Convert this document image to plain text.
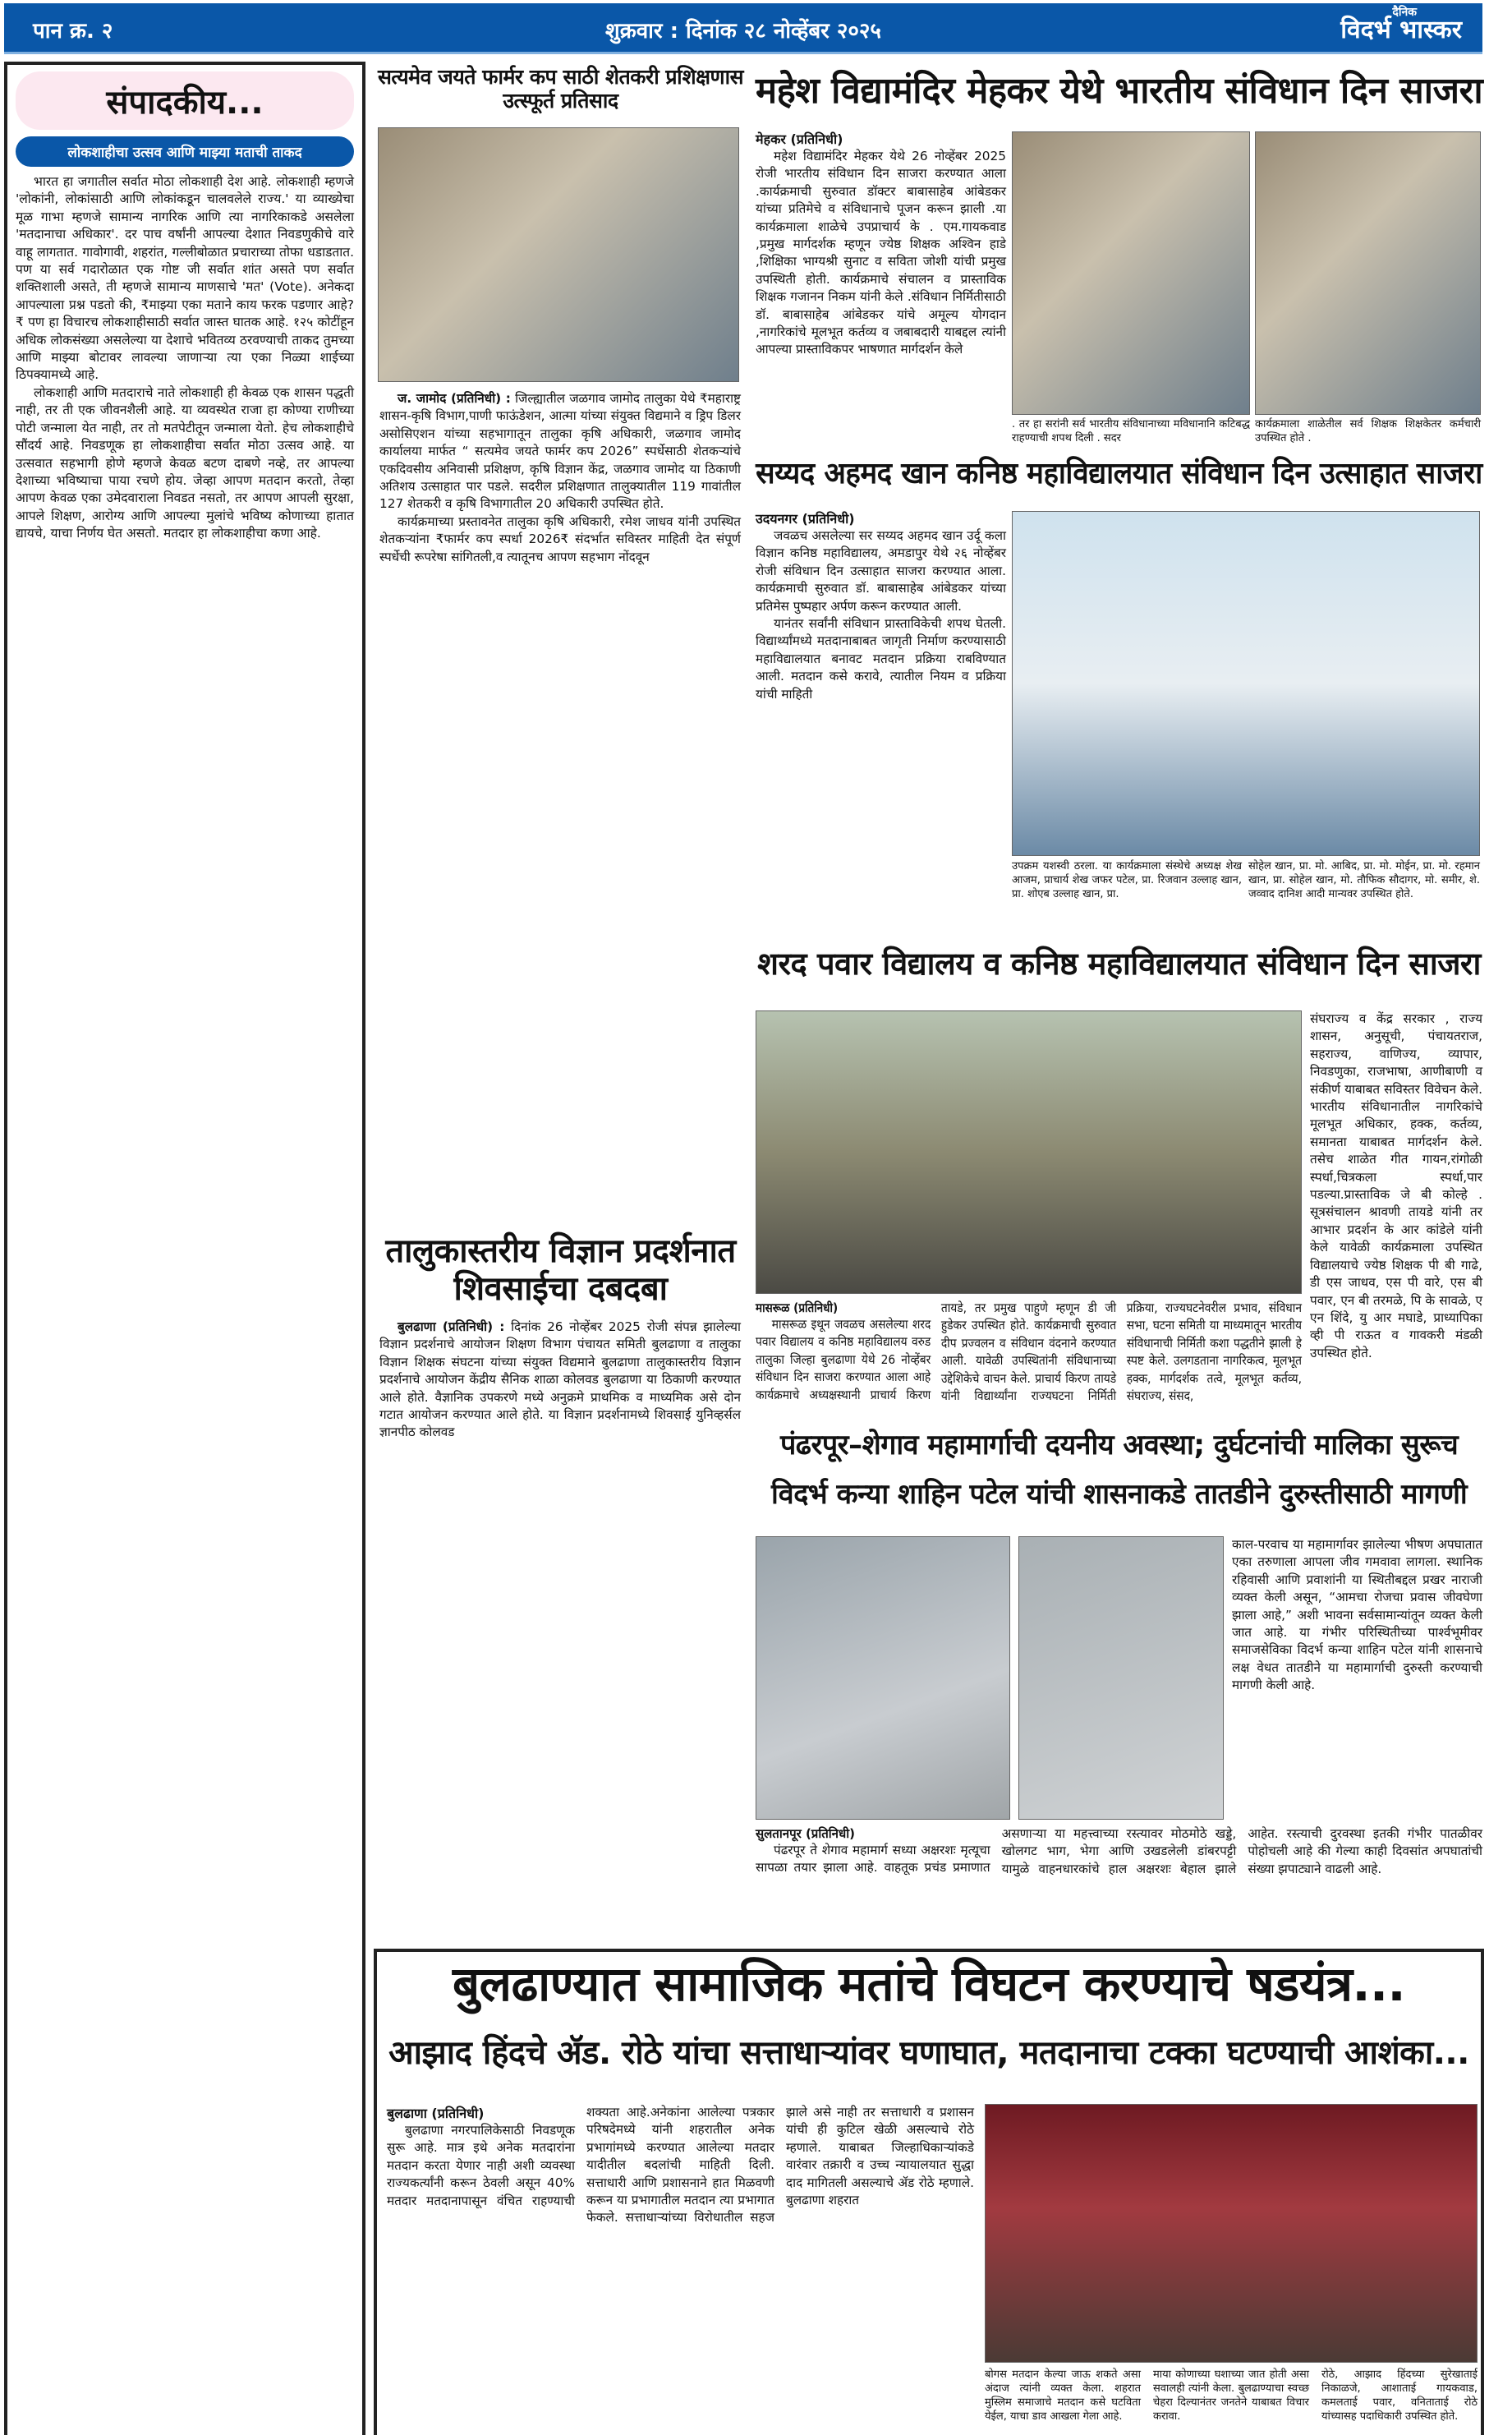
पान क्र. २	शुक्रवार : दिनांक २८ नोव्हेंबर २०२५
दैनिक
विदर्भ भास्कर
संपादकीय...
लोकशाहीचा उत्सव आणि माझ्या मताची ताकद

भारत हा जगातील सर्वात मोठा लोकशाही देश आहे. लोकशाही म्हणजे 'लोकांनी, लोकांसाठी आणि लोकांकडून चालवलेले राज्य.' या व्याख्येचा मूळ गाभा म्हणजे सामान्य नागरिक आणि त्या नागरिकाकडे असलेला 'मतदानाचा अधिकार'. दर पाच वर्षांनी आपल्या देशात निवडणुकीचे वारे वाहू लागतात. गावोगावी, शहरांत, गल्लीबोळात प्रचाराच्या तोफा धडाडतात. पण या सर्व गदारोळात एक गोष्ट जी सर्वात शांत असते पण सर्वात शक्तिशाली असते, ती म्हणजे सामान्य माणसाचे 'मत' (Vote). अनेकदा आपल्याला प्रश्न पडतो की, ₹माझ्या एका मताने काय फरक पडणार आहे?₹ पण हा विचारच लोकशाहीसाठी सर्वात जास्त घातक आहे. १२५ कोटींहून अधिक लोकसंख्या असलेल्या या देशाचे भवितव्य ठरवण्याची ताकद तुमच्या आणि माझ्या बोटावर लावल्या जाणाऱ्या त्या एका निळ्या शाईच्या ठिपक्यामध्ये आहे.

लोकशाही आणि मतदाराचे नाते लोकशाही ही केवळ एक शासन पद्धती नाही, तर ती एक जीवनशैली आहे. या व्यवस्थेत राजा हा कोण्या राणीच्या पोटी जन्माला येत नाही, तर तो मतपेटीतून जन्माला येतो. हेच लोकशाहीचे सौंदर्य आहे. निवडणूक हा लोकशाहीचा सर्वात मोठा उत्सव आहे. या उत्सवात सहभागी होणे म्हणजे केवळ बटण दाबणे नव्हे, तर आपल्या देशाच्या भविष्याचा पाया रचणे होय. जेव्हा आपण मतदान करतो, तेव्हा आपण केवळ एका उमेदवाराला निवडत नसतो, तर आपण आपली सुरक्षा, आपले शिक्षण, आरोग्य आणि आपल्या मुलांचे भविष्य कोणाच्या हातात द्यायचे, याचा निर्णय घेत असतो. मतदार हा लोकशाहीचा कणा आहे.

सत्यमेव जयते फार्मर कप साठी शेतकरी प्रशिक्षणास उत्स्फूर्त प्रतिसाद

ज. जामोद (प्रतिनिधी) : जिल्ह्यातील जळगाव जामोद तालुका येथे ₹महाराष्ट्र शासन-कृषि विभाग,पाणी फाऊंडेशन, आत्मा यांच्या संयुक्त विद्यमाने व ड्रिप डिलर असोसिएशन यांच्या सहभागातून तालुका कृषि अधिकारी, जळगाव जामोद कार्यालया मार्फत “ सत्यमेव जयते फार्मर कप 2026” स्पर्धेसाठी शेतकऱ्यांचे एकदिवसीय अनिवासी प्रशिक्षण, कृषि विज्ञान केंद्र, जळगाव जामोद या ठिकाणी अतिशय उत्साहात पार पडले. सदरील प्रशिक्षणात तालुक्यातील 119 गावांतील 127 शेतकरी व कृषि विभागातील 20 अधिकारी उपस्थित होते.

कार्यक्रमाच्या प्रस्तावनेत तालुका कृषि अधिकारी, रमेश जाधव यांनी उपस्थित शेतकऱ्यांना ₹फार्मर कप स्पर्धा 2026₹ संदर्भात सविस्तर माहिती देत संपूर्ण स्पर्धेची रूपरेषा सांगितली,व त्यातूनच आपण सहभाग नोंदवून

तालुकास्तरीय विज्ञान प्रदर्शनात शिवसाईचा दबदबा

बुलढाणा (प्रतिनिधी) : दिनांक 26 नोव्हेंबर 2025 रोजी संपन्न झालेल्या विज्ञान प्रदर्शनाचे आयोजन शिक्षण विभाग पंचायत समिती बुलढाणा व तालुका विज्ञान शिक्षक संघटना यांच्या संयुक्त विद्यमाने बुलढाणा तालुकास्तरीय विज्ञान प्रदर्शनाचे आयोजन केंद्रीय सैनिक शाळा कोलवड बुलढाणा या ठिकाणी करण्यात आले होते. वैज्ञानिक उपकरणे मध्ये अनुक्रमे प्राथमिक व माध्यमिक असे दोन गटात आयोजन करण्यात आले होते. या विज्ञान प्रदर्शनामध्ये शिवसाई युनिव्हर्सल ज्ञानपीठ कोलवड

महेश विद्यामंदिर मेहकर येथे भारतीय संविधान दिन साजरा
मेहकर (प्रतिनिधी)

महेश विद्यामंदिर मेहकर येथे 26 नोव्हेंबर 2025 रोजी भारतीय संविधान दिन साजरा करण्यात आला .कार्यक्रमाची सुरुवात डॉक्टर बाबासाहेब आंबेडकर यांच्या प्रतिमेचे व संविधानाचे पूजन करून झाली .या कार्यक्रमाला शाळेचे उपप्राचार्य के . एम.गायकवाड ,प्रमुख मार्गदर्शक म्हणून ज्येष्ठ शिक्षक अश्विन हाडे ,शिक्षिका भाग्यश्री सुनाट व सविता जोशी यांची प्रमुख उपस्थिती होती. कार्यक्रमाचे संचालन व प्रास्ताविक शिक्षक गजानन निकम यांनी केले .संविधान निर्मितीसाठी डॉ. बाबासाहेब आंबेडकर यांचे अमूल्य योगदान ,नागरिकांचे मूलभूत कर्तव्य व जबाबदारी याबद्दल त्यांनी आपल्या प्रास्ताविकपर भाषणात मार्गदर्शन केले

. तर हा सरांनी सर्व भारतीय संविधानाच्या मविधानानि कटिबद्ध राहण्याची शपथ दिली . सदर
कार्यक्रमाला शाळेतील सर्व शिक्षक शिक्षकेतर कर्मचारी उपस्थित होते .
सय्यद अहमद खान कनिष्ठ महाविद्यालयात संविधान दिन उत्साहात साजरा
उदयनगर (प्रतिनिधी)

जवळच असलेल्या सर सय्यद अहमद खान उर्दू कला विज्ञान कनिष्ठ महाविद्यालय, अमडापुर येथे २६ नोव्हेंबर रोजी संविधान दिन उत्साहात साजरा करण्यात आला. कार्यक्रमाची सुरुवात डॉ. बाबासाहेब आंबेडकर यांच्या प्रतिमेस पुष्पहार अर्पण करून करण्यात आली.

यानंतर सर्वांनी संविधान प्रास्ताविकेची शपथ घेतली. विद्यार्थ्यांमध्ये मतदानाबाबत जागृती निर्माण करण्यासाठी महाविद्यालयात बनावट मतदान प्रक्रिया राबविण्यात आली. मतदान कसे करावे, त्यातील नियम व प्रक्रिया यांची माहिती

उपक्रम यशस्वी ठरला. या कार्यक्रमाला संस्थेचे अध्यक्ष शेख आजम, प्राचार्य शेख जफर पटेल, प्रा. रिजवान उल्लाह खान, प्रा. शोएब उल्लाह खान, प्रा.
सोहेल खान, प्रा. मो. आबिद, प्रा. मो. मोईन, प्रा. मो. रहमान खान, प्रा. सोहेल खान, मो. तौफिक सौदागर, मो. समीर, शे. जव्वाद दानिश आदी मान्यवर उपस्थित होते.
शरद पवार विद्यालय व कनिष्ठ महाविद्यालयात संविधान दिन साजरा

संघराज्य व केंद्र सरकार , राज्य शासन, अनुसूची, पंचायतराज, सहराज्य, वाणिज्य, व्यापार, निवडणुका, राजभाषा, आणीबाणी व संकीर्ण याबाबत सविस्तर विवेचन केले. भारतीय संविधानातील नागरिकांचे मूलभूत अधिकार, हक्क, कर्तव्य, समानता याबाबत मार्गदर्शन केले. तसेच शाळेत गीत गायन,रांगोळी स्पर्धा,चित्रकला स्पर्धा,पार पडल्या.प्रास्ताविक जे बी कोल्हे . सूत्रसंचालन श्रावणी तायडे यांनी तर आभार प्रदर्शन के आर कांडेले यांनी केले यावेळी कार्यक्रमाला उपस्थित विद्यालयाचे ज्येष्ठ शिक्षक पी बी गाढे, डी एस जाधव, एस पी वारे, एस बी पवार, एन बी तरमळे, पि के सावळे, ए एन शिंदे, यु आर मघाडे, प्राध्यापिका व्ही पी राऊत व गावकरी मंडळी उपस्थित होते.

मासरूळ (प्रतिनिधी)

मासरूळ इथून जवळच असलेल्या शरद पवार विद्यालय व कनिष्ठ महाविद्यालय वरुड तालुका जिल्हा बुलढाणा येथे 26 नोव्हेंबर संविधान दिन साजरा करण्यात आला आहे कार्यक्रमाचे अध्यक्षस्थानी प्राचार्य किरण तायडे, तर प्रमुख पाहुणे म्हणून डी जी हुडेकर उपस्थित होते. कार्यक्रमाची सुरुवात दीप प्रज्वलन व संविधान वंदनाने करण्यात आली. यावेळी उपस्थितांनी संविधानाच्या उद्देशिकेचे वाचन केले. प्राचार्य किरण तायडे यांनी विद्यार्थ्यांना राज्यघटना निर्मिती प्रक्रिया, राज्यघटनेवरील प्रभाव, संविधान सभा, घटना समिती या माध्यमातून भारतीय संविधानाची निर्मिती कशा पद्धतीने झाली हे स्पष्ट केले. उलगडताना नागरिकत्व, मूलभूत हक्क, मार्गदर्शक तत्वे, मूलभूत कर्तव्य, संघराज्य, संसद,

पंढरपूर–शेगाव महामार्गाची दयनीय अवस्था; दुर्घटनांची मालिका सुरूच
विदर्भ कन्या शाहिन पटेल यांची शासनाकडे तातडीने दुरुस्तीसाठी मागणी

काल-परवाच या महामार्गावर झालेल्या भीषण अपघातात एका तरुणाला आपला जीव गमवावा लागला. स्थानिक रहिवासी आणि प्रवाशांनी या स्थितीबद्दल प्रखर नाराजी व्यक्त केली असून, “आमचा रोजचा प्रवास जीवघेणा झाला आहे,” अशी भावना सर्वसामान्यांतून व्यक्त केली जात आहे. या गंभीर परिस्थितीच्या पार्श्वभूमीवर समाजसेविका विदर्भ कन्या शाहिन पटेल यांनी शासनाचे लक्ष वेधत तातडीने या महामार्गाची दुरुस्ती करण्याची मागणी केली आहे.

सुलतानपूर (प्रतिनिधी)

पंढरपूर ते शेगाव महामार्ग सध्या अक्षरशः मृत्यूचा सापळा तयार झाला आहे. वाहतूक प्रचंड प्रमाणात असणाऱ्या या महत्त्वाच्या रस्त्यावर मोठमोठे खड्डे, खोलगट भाग, भेगा आणि उखडलेली डांबरपट्टी यामुळे वाहनधारकांचे हाल अक्षरशः बेहाल झाले आहेत. रस्त्याची दुरवस्था इतकी गंभीर पातळीवर पोहोचली आहे की गेल्या काही दिवसांत अपघातांची संख्या झपाट्याने वाढली आहे.

बुलढाण्यात सामाजिक मतांचे विघटन करण्याचे षडयंत्र...
आझाद हिंदचे ॲड. रोठे यांचा सत्ताधाऱ्यांवर घणाघात, मतदानाचा टक्का घटण्याची आशंका...
बुलढाणा (प्रतिनिधी)

बुलढाणा नगरपालिकेसाठी निवडणूक सुरू आहे. मात्र इथे अनेक मतदारांना मतदान करता येणार नाही अशी व्यवस्था राज्यकर्त्यांनी करून ठेवली असून 40% मतदार मतदानापासून वंचित राहण्याची शक्यता आहे.अनेकांना आलेल्या पत्रकार परिषदेमध्ये यांनी शहरातील अनेक प्रभागांमध्ये करण्यात आलेल्या मतदार यादीतील बदलांची माहिती दिली. सत्ताधारी आणि प्रशासनाने हात मिळवणी करून या प्रभागातील मतदान त्या प्रभागात फेकले. सत्ताधाऱ्यांच्या विरोधातील सहज झाले असे नाही तर सत्ताधारी व प्रशासन यांची ही कुटिल खेळी असल्याचे रोठे म्हणाले. याबाबत जिल्हाधिकाऱ्यांकडे वारंवार तक्रारी व उच्च न्यायालयात सुद्धा दाद मागितली असल्याचे ॲड रोठे म्हणाले. बुलढाणा शहरात

बोगस मतदान केल्या जाऊ शकते असा अंदाज त्यांनी व्यक्त केला. शहरात मुस्लिम समाजाचे मतदान कसे घटविता येईल, याचा डाव आखला गेला आहे.
माया कोणाच्या घशाच्या जात होती असा सवालही त्यांनी केला. बुलढाण्याचा स्वच्छ चेहरा दिल्यानंतर जनतेने याबाबत विचार करावा.
रोठे, आझाद हिंदच्या सुरेखाताई निकाळजे, आशाताई गायकवाड, कमलताई पवार, वनिताताई रोठे यांच्यासह पदाधिकारी उपस्थित होते.
